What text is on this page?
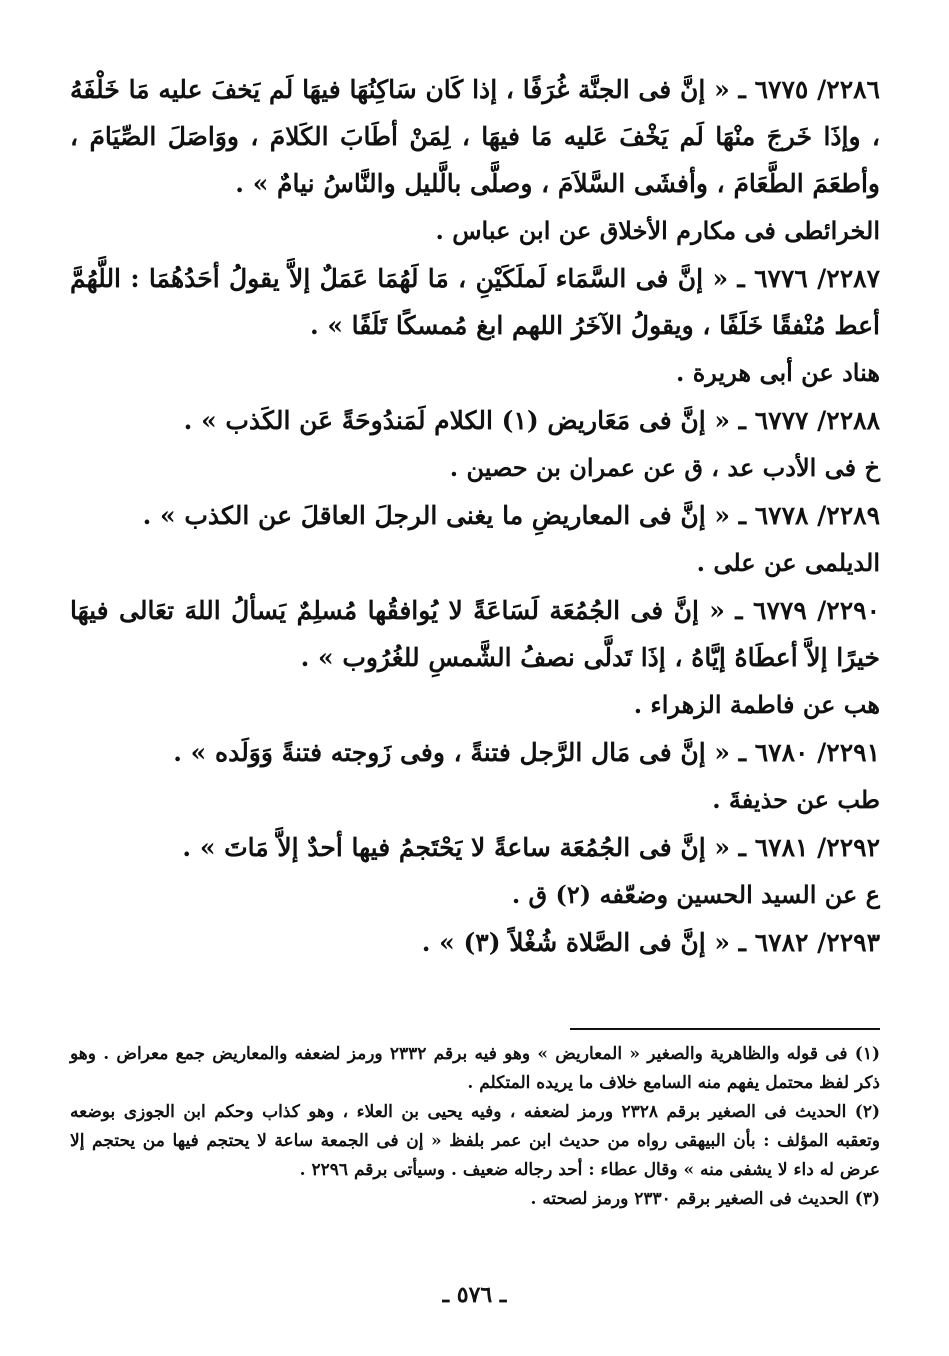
٢٢٨٦/ ٦٧٧٥ ـ « إنَّ فى الجنَّة غُرَفًا ، إذا كَان سَاكِنُهَا فيهَا لَم يَخفَ عليه مَا خَلْفَهُ ، وإذَا خَرجَ منْهَا لَم يَخْفَ عَليه مَا فيهَا ، لِمَنْ أطَابَ الكَلامَ ، ووَاصَلَ الصِّيَامَ ، وأطعَمَ الطَّعَامَ ، وأفشَى السَّلاَمَ ، وصلَّى بالَّليل والنَّاسُ نيامٌ » .

الخرائطى فى مكارم الأخلاق عن ابن عباس .

٢٢٨٧/ ٦٧٧٦ ـ « إنَّ فى السَّمَاء لَملَكَيْنِ ، مَا لَهُمَا عَمَلٌ إلاَّ يقولُ أحَدُهُمَا : اللَّهُمَّ أعط مُنْفقًا خَلَفًا ، ويقولُ الآخَرُ اللهم ابغ مُمسكًا تَلَفًا » .

هناد عن أبى هريرة .

٢٢٨٨/ ٦٧٧٧ ـ « إنَّ فى مَعَاريض (١) الكلام لَمَندُوحَةً عَن الكَذب » .

خ فى الأدب عد ، ق عن عمران بن حصين .

٢٢٨٩/ ٦٧٧٨ ـ « إنَّ فى المعاريضِ ما يغنى الرجلَ العاقلَ عن الكذب » .

الديلمى عن على .

٢٢٩٠/ ٦٧٧٩ ـ « إنَّ فى الجُمُعَة لَسَاعَةً لا يُوافقُها مُسلِمٌ يَسألُ اللهَ تعَالى فيهَا خيرًا إلاَّ أعطَاهُ إيَّاهُ ، إذَا تَدلَّى نصفُ الشَّمسِ للغُرُوب » .

هب عن فاطمة الزهراء .

٢٢٩١/ ٦٧٨٠ ـ « إنَّ فى مَال الرَّجل فتنةً ، وفى زَوجته فتنةً وَوَلَده » .

طب عن حذيفةَ .

٢٢٩٢/ ٦٧٨١ ـ « إنَّ فى الجُمُعَة ساعةً لا يَحْتَجمُ فيها أحدٌ إلاَّ مَاتَ » .

ع عن السيد الحسين وضعّفه (٢) ق .

٢٢٩٣/ ٦٧٨٢ ـ « إنَّ فى الصَّلاة شُغْلاً (٣) » .

(١) فى قوله والظاهرية والصغير « المعاريض » وهو فيه برقم ٢٣٣٢ ورمز لضعفه والمعاريض جمع معراض . وهو ذكر لفظ محتمل يفهم منه السامع خلاف ما يريده المتكلم .

(٢) الحديث فى الصغير برقم ٢٣٢٨ ورمز لضعفه ، وفيه يحيى بن العلاء ، وهو كذاب وحكم ابن الجوزى بوضعه وتعقبه المؤلف : بأن البيهقى رواه من حديث ابن عمر بلفظ « إن فى الجمعة ساعة لا يحتجم فيها من يحتجم إلا عرض له داء لا يشفى منه » وقال عطاء : أحد رجاله ضعيف . وسيأتى برقم ٢٢٩٦ .

(٣) الحديث فى الصغير برقم ٢٣٣٠ ورمز لصحته .

ـ ٥٧٦ ـ
